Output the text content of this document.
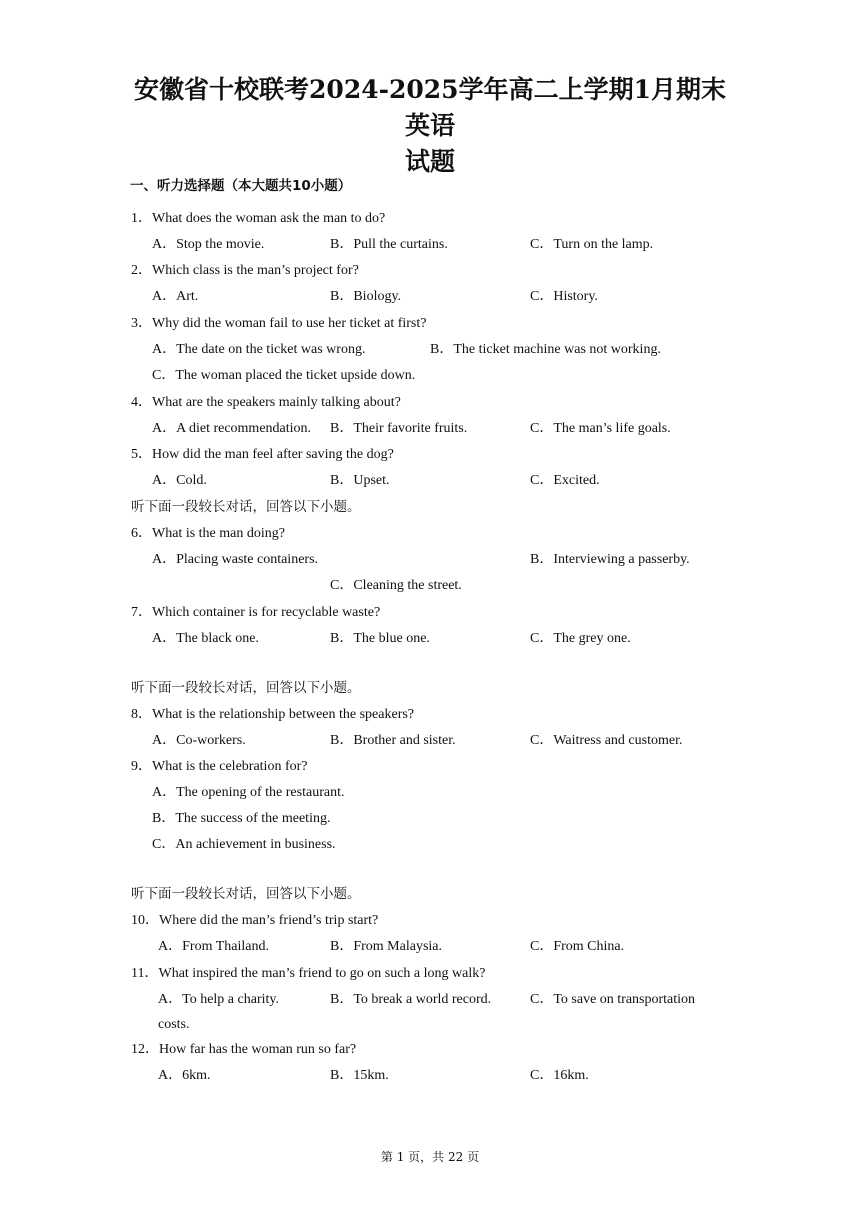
安徽省十校联考2024-2025学年高二上学期1月期末英语
试题
一、听力选择题（本大题共10小题）
1．What does the woman ask the man to do?
A．Stop the movie.	B．Pull the curtains.	C．Turn on the lamp.
2．Which class is the man’s project for?
A．Art.	B．Biology.	C．History.
3．Why did the woman fail to use her ticket at first?
A．The date on the ticket was wrong.	B．The ticket machine was not working.
C．The woman placed the ticket upside down.
4．What are the speakers mainly talking about?
A．A diet recommendation. B．Their favorite fruits.	C．The man’s life goals.
5．How did the man feel after saving the dog?
A．Cold.	B．Upset.	C．Excited.
听下面一段较长对话，回答以下小题。
6．What is the man doing?
A．Placing waste containers.	B．Interviewing a passerby.
C．Cleaning the street.
7．Which container is for recyclable waste?
A．The black one.	B．The blue one.	C．The grey one.
听下面一段较长对话，回答以下小题。
8．What is the relationship between the speakers?
A．Co-workers.	B．Brother and sister.	C．Waitress and customer.
9．What is the celebration for?
A．The opening of the restaurant.
B．The success of the meeting.
C．An achievement in business.
听下面一段较长对话，回答以下小题。
10．Where did the man’s friend’s trip start?
A．From Thailand.	B．From Malaysia.	C．From China.
11．What inspired the man’s friend to go on such a long walk?
A．To help a charity.	B．To break a world record.	C．To save on transportation
costs.
12．How far has the woman run so far?
A．6km.	B．15km.	C．16km.
第 1 页，共 22 页
